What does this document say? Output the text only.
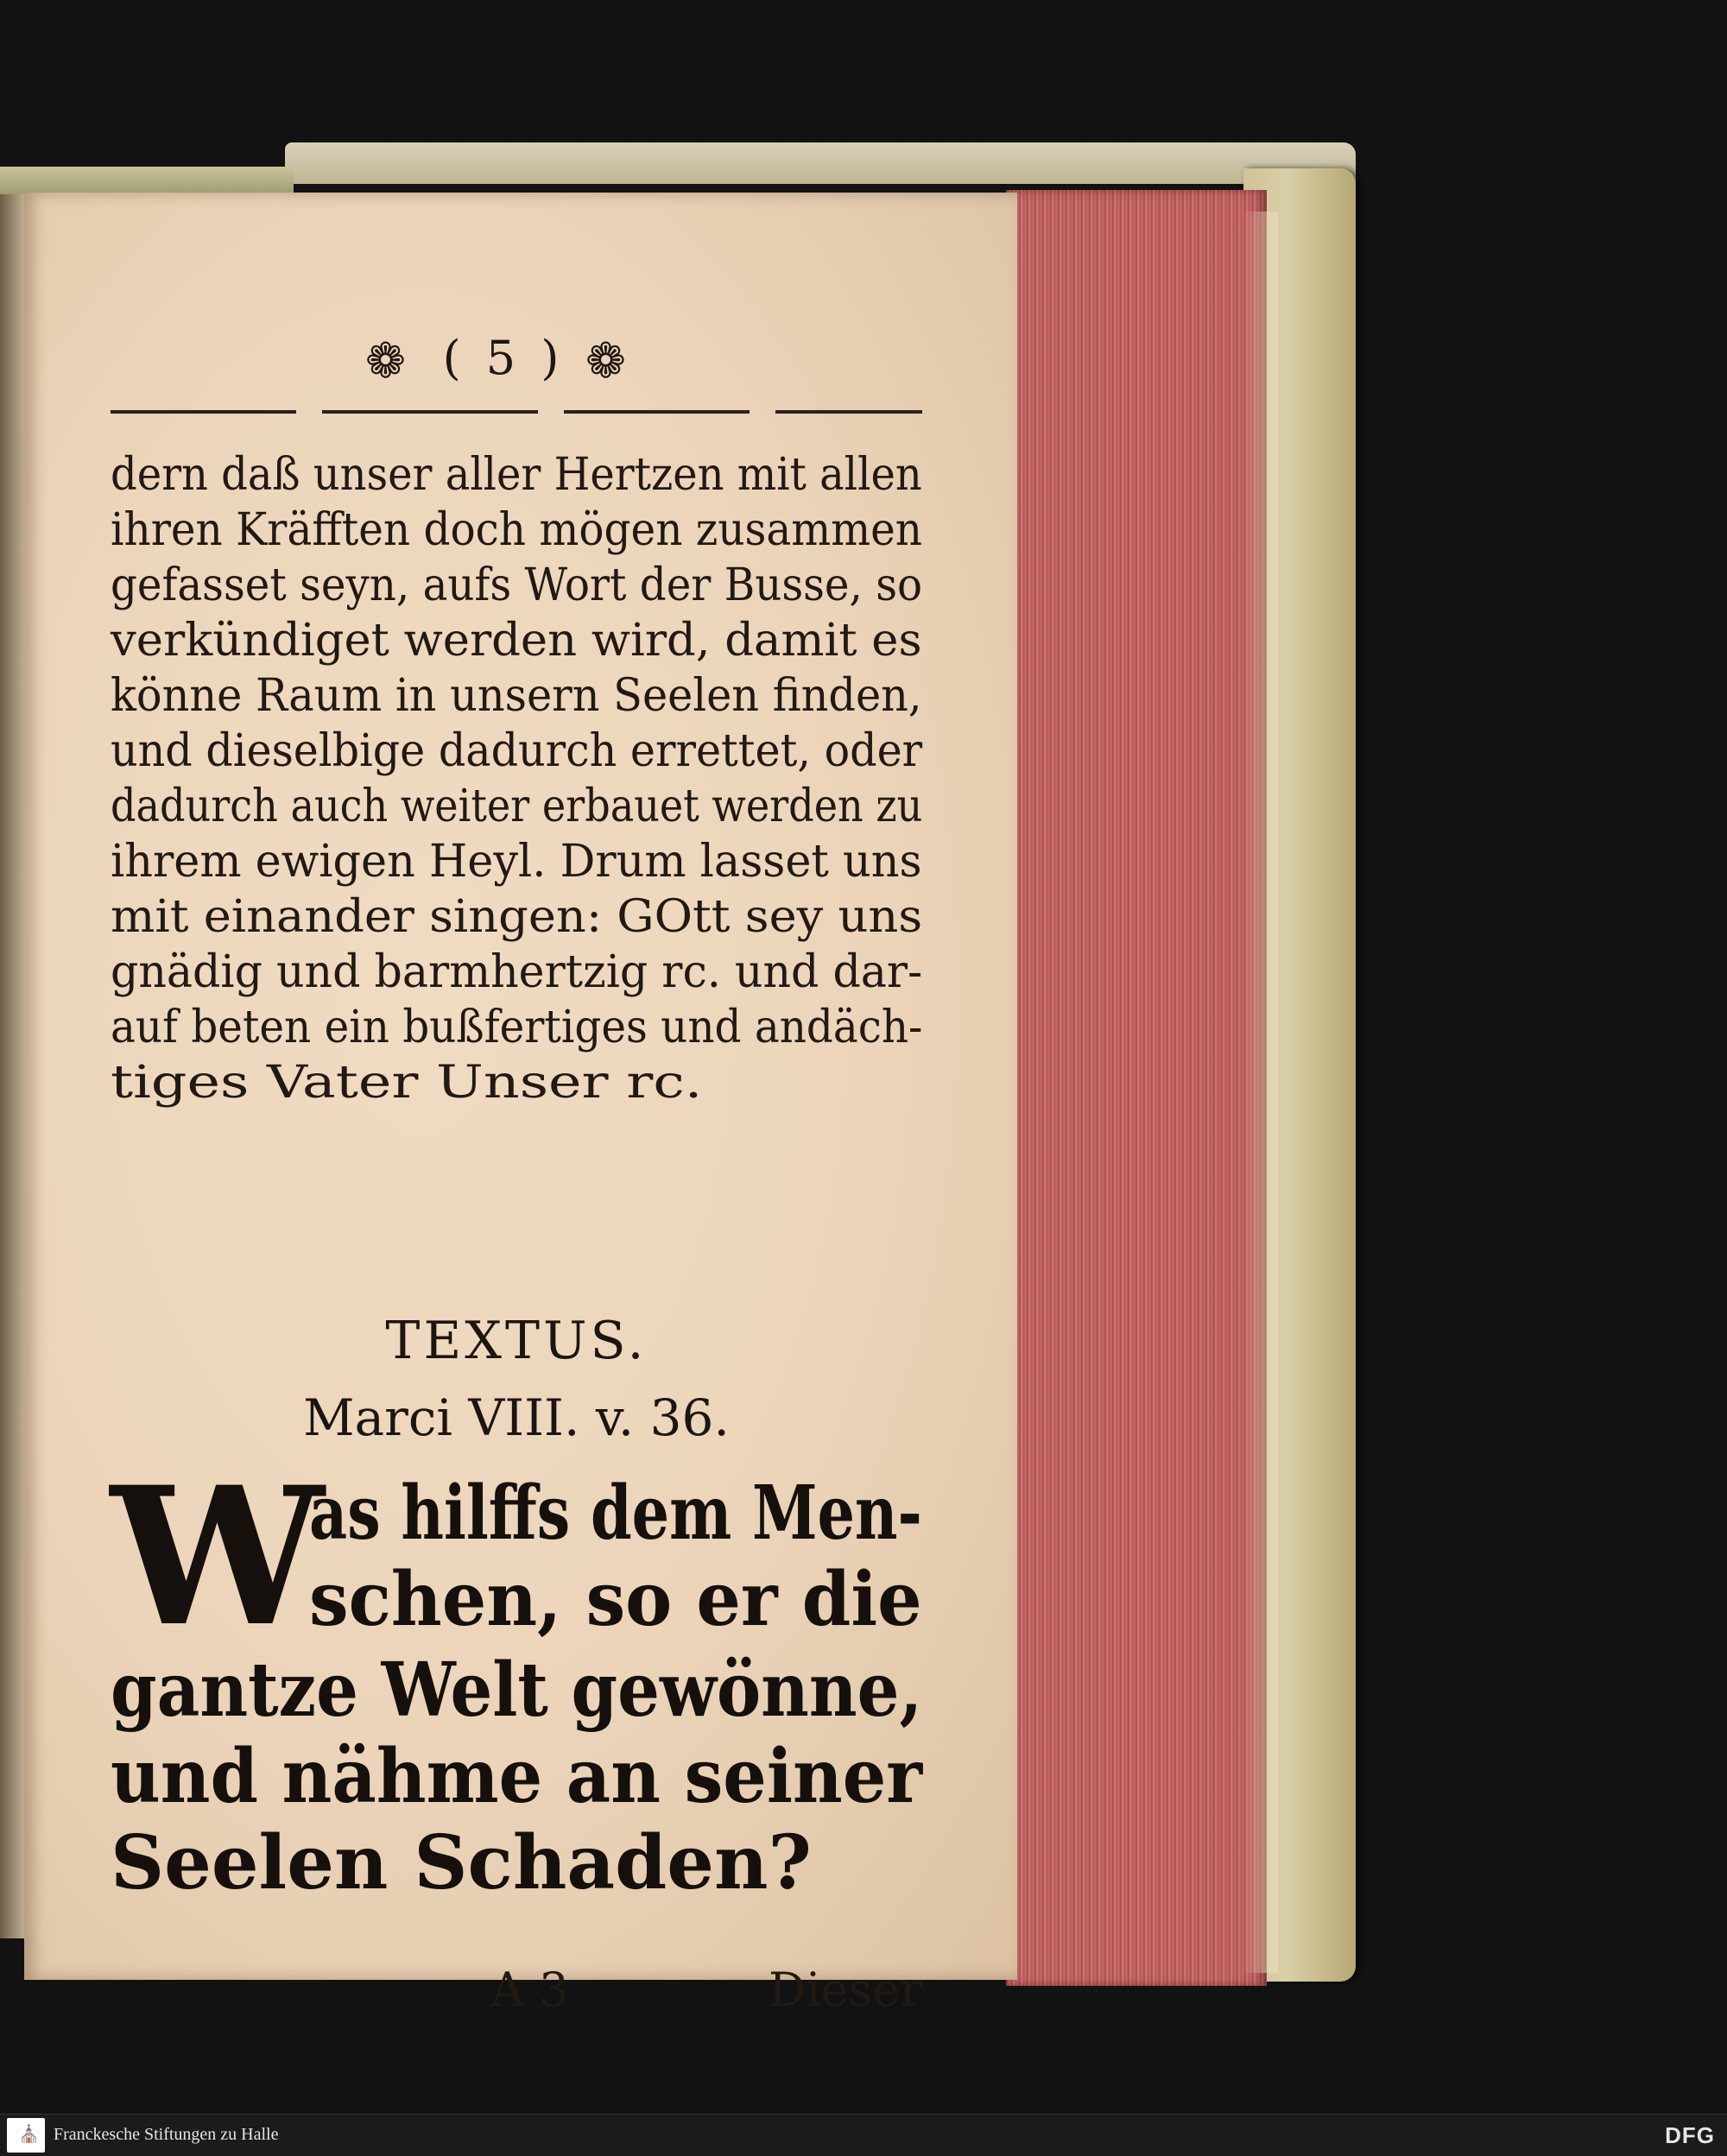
❁ ( 5 ) ❁
dern daß unser aller Hertzen mit allen
ihren Kräfften doch mögen zusammen
gefasset seyn, aufs Wort der Busse, so
verkündiget werden wird, damit es
könne Raum in unsern Seelen finden,
und dieselbige dadurch errettet, oder
dadurch auch weiter erbauet werden zu
ihrem ewigen Heyl. Drum lasset uns
mit einander singen: GOtt sey uns
gnädig und barmhertzig rc. und dar-
auf beten ein bußfertiges und andäch-
tiges Vater Unser rc.
TEXTUS.
Marci VIII. v. 36.
W
as hilffs dem Men-
schen, so er die
gantze Welt gewönne,
und nähme an seiner
Seelen Schaden?
A 3	Dieser
⛪ Franckesche Stiftungen zu Halle	DFG
